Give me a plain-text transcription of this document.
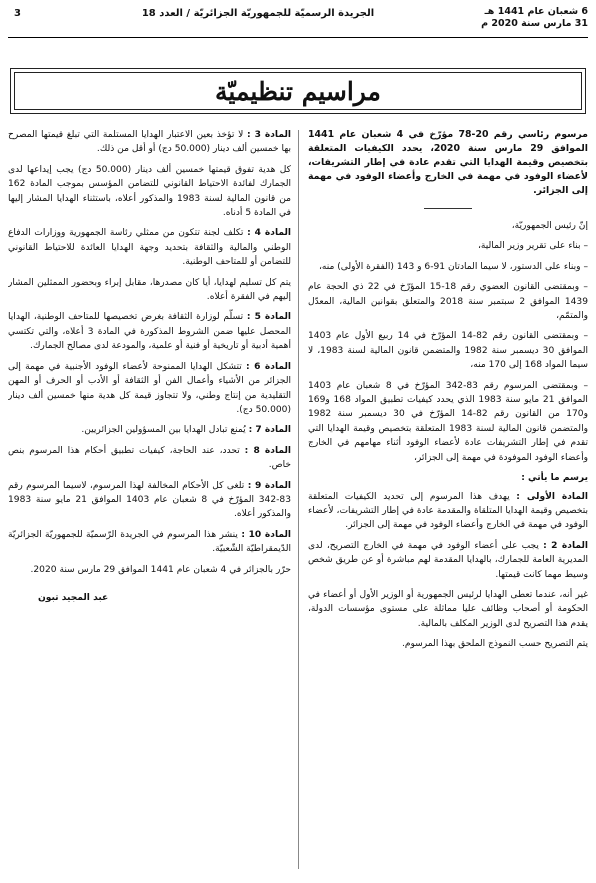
6 شعبان عام 1441 هـ
31 مارس سنة 2020 م
الجريدة الرسميّة للجمهوريّة الجزائريّة / العدد 18
3
مراسيم تنظيميّة

مرسوم رئاسي رقم 20-78 مؤرّخ في 4 شعبان عام 1441 الموافق 29 مارس سنة 2020، يحدد الكيفيات المتعلقة بتخصيص وقيمة الهدايا التي تقدم عادة في إطار التشريفات، لأعضاء الوفود في مهمة في الخارج وأعضاء الوفود في مهمة إلى الجزائر.

إنّ رئيس الجمهوريّة،

– بناء على تقرير وزير المالية،

– وبناء على الدستور، لا سيما المادتان 91-6 و 143 (الفقرة الأولى) منه،

– وبمقتضى القانون العضوي رقم 18-15 المؤرّخ في 22 ذي الحجة عام 1439 الموافق 2 سبتمبر سنة 2018 والمتعلق بقوانين المالية، المعدّل والمتمّم،

– وبمقتضى القانون رقم 82-14 المؤرّخ في 14 ربيع الأول عام 1403 الموافق 30 ديسمبر سنة 1982 والمتضمن قانون المالية لسنة 1983، لا سيما المواد 168 إلى 170 منه،

– وبمقتضى المرسوم رقم 83-342 المؤرّخ في 8 شعبان عام 1403 الموافق 21 مايو سنة 1983 الذي يحدد كيفيات تطبيق المواد 168 و169 و170 من القانون رقم 82-14 المؤرّخ في 30 ديسمبر سنة 1982 والمتضمن قانون المالية لسنة 1983 المتعلقة بتخصيص وقيمة الهدايا التي تقدم في إطار التشريفات عادة لأعضاء الوفود أثناء مهامهم في الخارج وأعضاء الوفود الموفودة في مهمة إلى الجزائر،

يرسم ما يأتي :

المادة الأولى : يهدف هذا المرسوم إلى تحديد الكيفيات المتعلقة بتخصيص وقيمة الهدايا المتلقاة والمقدمة عادة في إطار التشريفات، لأعضاء الوفود في مهمة في الخارج وأعضاء الوفود في مهمة إلى الجزائر.

المادة 2 : يجب على أعضاء الوفود في مهمة في الخارج التصريح، لدى المديرية العامة للجمارك، بالهدايا المقدمة لهم مباشرة أو عن طريق شخص وسيط مهما كانت قيمتها.

غير أنه، عندما تعطى الهدايا لرئيس الجمهورية أو الوزير الأول أو أعضاء في الحكومة أو أصحاب وظائف عليا مماثلة على مستوى مؤسسات الدولة، يقدم هذا التصريح لدى الوزير المكلف بالمالية.

يتم التصريح حسب النموذج الملحق بهذا المرسوم.

المادة 3 : لا تؤخذ بعين الاعتبار الهدايا المستلمة التي تبلغ قيمتها المصرح بها خمسين ألف دينار (50.000 دج) أو أقل من ذلك.

كل هدية تفوق قيمتها خمسين ألف دينار (50.000 دج) يجب إيداعها لدى الجمارك لفائدة الاحتياط القانوني للتضامن المؤسس بموجب المادة 162 من قانون المالية لسنة 1983 والمذكور أعلاه، باستثناء الهدايا المشار إليها في المادة 5 أدناه.

المادة 4 : تكلف لجنة تتكون من ممثلي رئاسة الجمهورية ووزارات الدفاع الوطني والمالية والثقافة بتحديد وجهة الهدايا العائدة للاحتياط القانوني للتضامن أو للمتاحف الوطنية.

يتم كل تسليم لهدايا، أيا كان مصدرها، مقابل إبراء وبحضور الممثلين المشار إليهم في الفقرة أعلاه.

المادة 5 : تسلّم لوزارة الثقافة بغرض تخصيصها للمتاحف الوطنية، الهدايا المحصل عليها ضمن الشروط المذكورة في المادة 3 أعلاه، والتي تكتسي أهمية أدبية أو تاريخية أو فنية أو علمية، والمودعة لدى مصالح الجمارك.

المادة 6 : تتشكل الهدايا الممنوحة لأعضاء الوفود الأجنبية في مهمة إلى الجزائر من الأشياء وأعمال الفن أو الثقافة أو الأدب أو الحرف أو المهن التقليدية من إنتاج وطني، ولا تتجاوز قيمة كل هدية منها خمسين ألف دينار (50.000 دج).

المادة 7 : يُمنع تبادل الهدايا بين المسؤولين الجزائريين.

المادة 8 : تحدد، عند الحاجة، كيفيات تطبيق أحكام هذا المرسوم بنص خاص.

المادة 9 : تلغى كل الأحكام المخالفة لهذا المرسوم، لاسيما المرسوم رقم 83-342 المؤرّخ في 8 شعبان عام 1403 الموافق 21 مايو سنة 1983 والمذكور أعلاه.

المادة 10 : ينشر هذا المرسوم في الجريدة الرّسميّة للجمهوريّة الجزائريّة الدّيمقراطيّة الشّعبيّة.

حرّر بالجزائر في 4 شعبان عام 1441 الموافق 29 مارس سنة 2020.

عبد المجيد تبون
